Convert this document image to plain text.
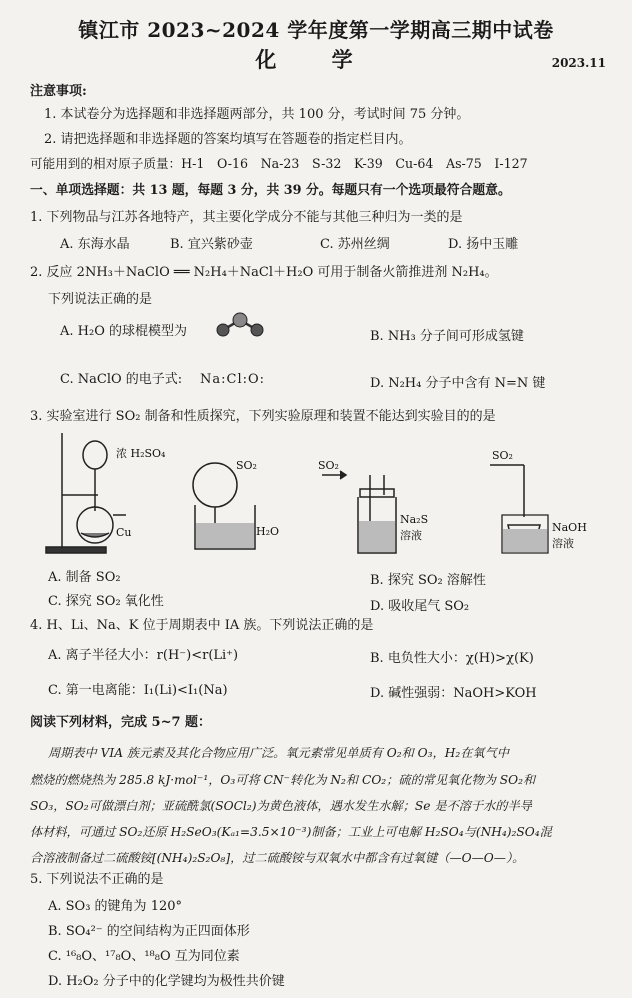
镇江市 2023~2024 学年度第一学期高三期中试卷
化 学	2023.11
注意事项:
1. 本试卷分为选择题和非选择题两部分，共 100 分，考试时间 75 分钟。
2. 请把选择题和非选择题的答案均填写在答题卷的指定栏目内。
可能用到的相对原子质量：H-1　O-16　Na-23　S-32　K-39　Cu-64　As-75　I-127
一、单项选择题：共 13 题，每题 3 分，共 39 分。每题只有一个选项最符合题意。
1. 下列物品与江苏各地特产，其主要化学成分不能与其他三种归为一类的是
A. 东海水晶	B. 宜兴紫砂壶	C. 苏州丝绸	D. 扬中玉雕
2. 反应 2NH₃＋NaClO ══ N₂H₄＋NaCl＋H₂O 可用于制备火箭推进剂 N₂H₄。
下列说法正确的是
A. H₂O 的球棍模型为	B. NH₃ 分子间可形成氢键
C. NaClO 的电子式: Na:Cl:O:	D. N₂H₄ 分子中含有 N=N 键
3. 实验室进行 SO₂ 制备和性质探究，下列实验原理和装置不能达到实验目的的是
浓 H₂SO₄
Cu
SO₂
H₂O
SO₂
Na₂S
溶液
SO₂
NaOH
溶液
A. 制备 SO₂	B. 探究 SO₂ 溶解性
C. 探究 SO₂ 氧化性	D. 吸收尾气 SO₂
4. H、Li、Na、K 位于周期表中 IA 族。下列说法正确的是
A. 离子半径大小：r(H⁻)<r(Li⁺)	B. 电负性大小：χ(H)>χ(K)
C. 第一电离能：I₁(Li)<I₁(Na)	D. 碱性强弱：NaOH>KOH
阅读下列材料，完成 5~7 题：
周期表中 VIA 族元素及其化合物应用广泛。氧元素常见单质有 O₂和 O₃，H₂在氧气中
燃烧的燃烧热为 285.8 kJ·mol⁻¹，O₃可将 CN⁻转化为 N₂和 CO₂；硫的常见氧化物为 SO₂和
SO₃，SO₂可做漂白剂；亚硫酰氯(SOCl₂)为黄色液体，遇水发生水解；Se 是不溶于水的半导
体材料，可通过 SO₂还原 H₂SeO₃(Kₐ₁=3.5×10⁻³)制备；工业上可电解 H₂SO₄与(NH₄)₂SO₄混
合溶液制备过二硫酸铵[(NH₄)₂S₂O₈]，过二硫酸铵与双氧水中都含有过氧键（—O—O—）。
5. 下列说法不正确的是
A. SO₃ 的键角为 120°
B. SO₄²⁻ 的空间结构为正四面体形
C. ¹⁶₈O、¹⁷₈O、¹⁸₈O 互为同位素
D. H₂O₂ 分子中的化学键均为极性共价键
